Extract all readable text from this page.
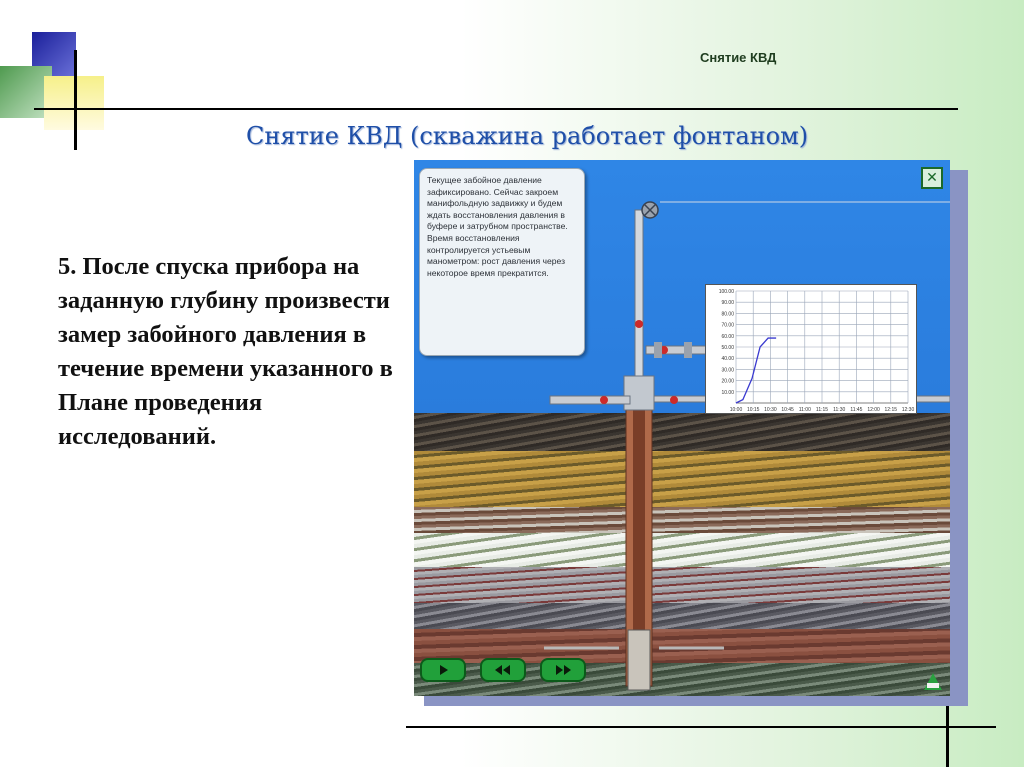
Снятие КВД
Снятие КВД (скважина работает фонтаном)
5. После спуска прибора на заданную глубину произвести замер забойного давления в течение времени указанного в Плане проведения исследований.
Текущее забойное давление зафиксировано. Сейчас закроем манифольдную задвижку и будем ждать восстановления давления в буфере и затрубном пространстве. Время восстановления контролируется устьевым манометром: рост давления через некоторое время прекратится.
✕
100.00
90.00
80.00
70.00
60.00
50.00
40.00
30.00
20.00
10.00
10:00 10:15 10:30 10:45 11:00 11:15 11:30 11:45 12:00 12:15 12:30
